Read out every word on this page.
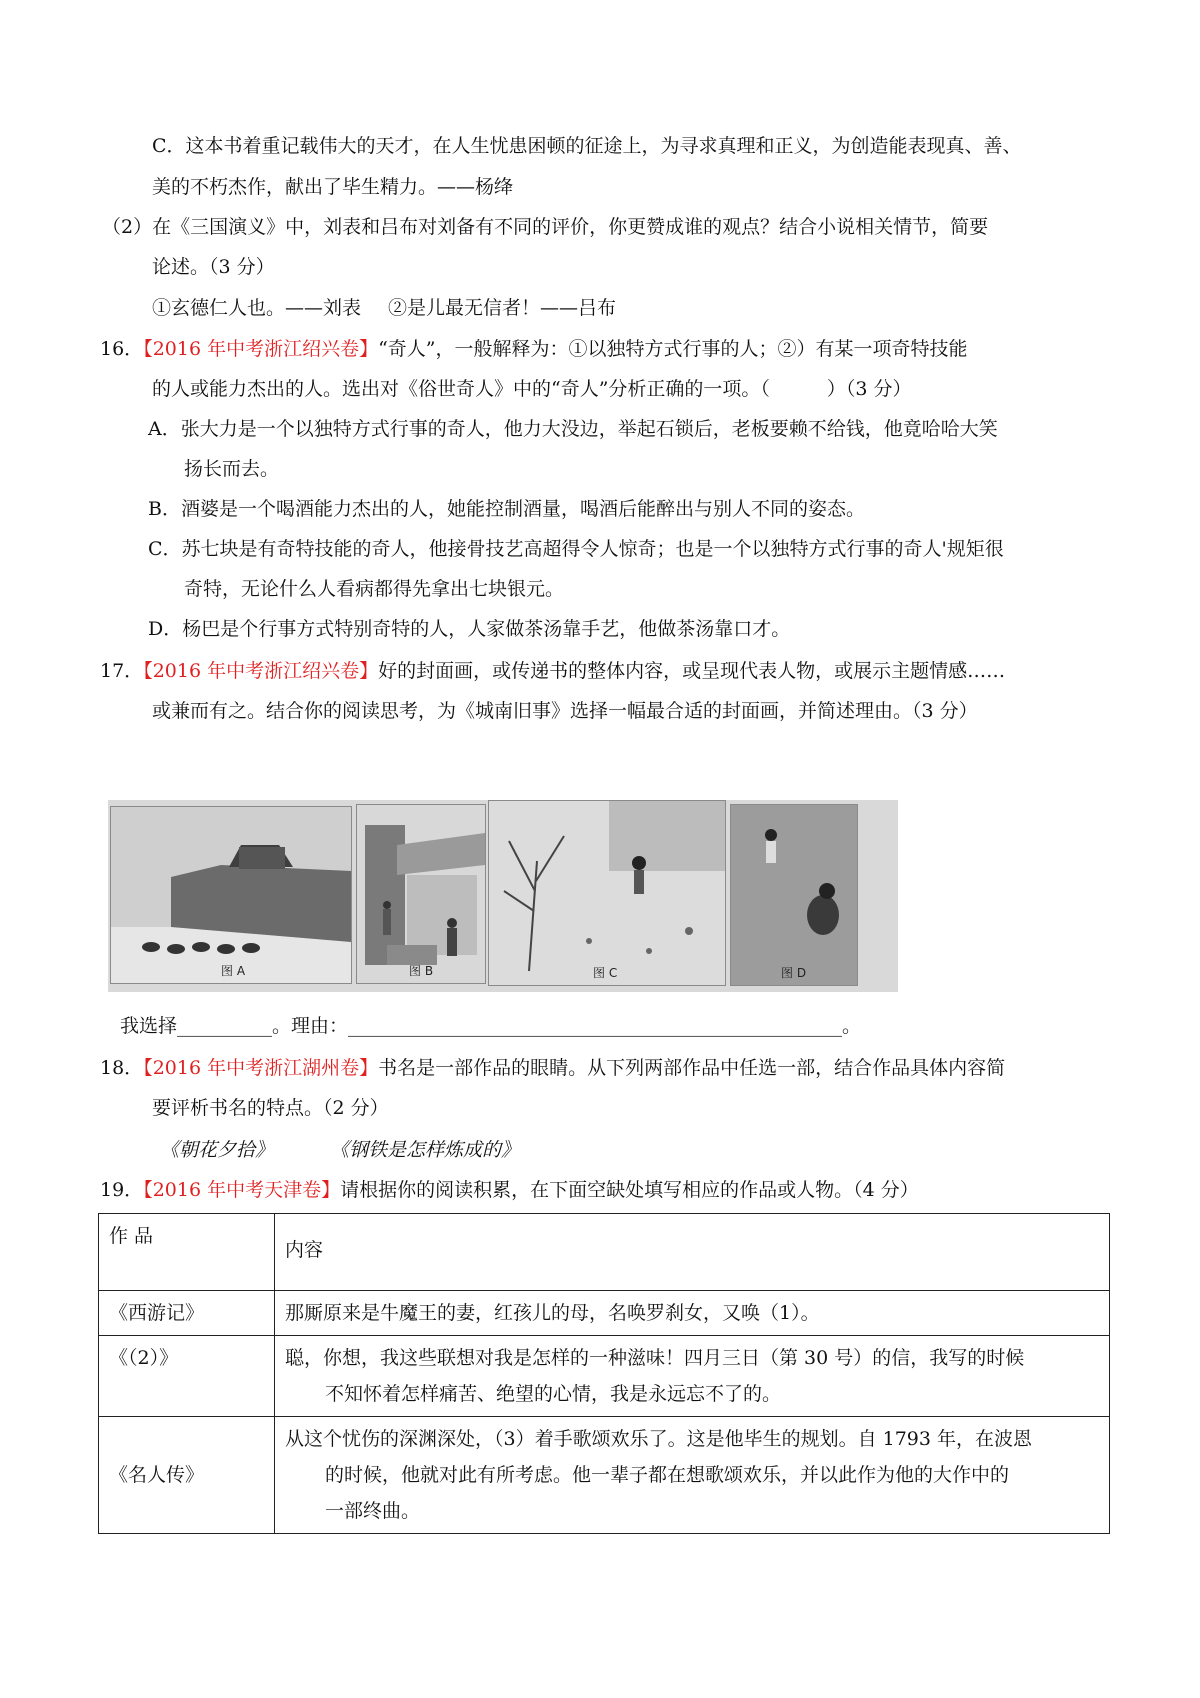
C．这本书着重记载伟大的天才，在人生忧患困顿的征途上，为寻求真理和正义，为创造能表现真、善、
美的不朽杰作，献出了毕生精力。——杨绛
（2）在《三国演义》中，刘表和吕布对刘备有不同的评价，你更赞成谁的观点？结合小说相关情节，简要
论述。（3 分）
①玄德仁人也。——刘表 ②是儿最无信者！——吕布
16．【2016 年中考浙江绍兴卷】“奇人”，一般解释为：①以独特方式行事的人；②）有某一项奇特技能
的人或能力杰出的人。选出对《俗世奇人》中的“奇人”分析正确的一项。（　　　）（3 分）
A．张大力是一个以独特方式行事的奇人，他力大没边，举起石锁后，老板要赖不给钱，他竟哈哈大笑
扬长而去。
B．酒婆是一个喝酒能力杰出的人，她能控制酒量，喝酒后能醉出与别人不同的姿态。
C．苏七块是有奇特技能的奇人，他接骨技艺高超得令人惊奇；也是一个以独特方式行事的奇人'规矩很
奇特，无论什么人看病都得先拿出七块银元。
D．杨巴是个行事方式特别奇特的人，人家做茶汤靠手艺，他做茶汤靠口才。
17．【2016 年中考浙江绍兴卷】好的封面画，或传递书的整体内容，或呈现代表人物，或展示主题情感……
或兼而有之。结合你的阅读思考，为《城南旧事》选择一幅最合适的封面画，并简述理由。（3 分）
图 A	图 B	图 C	图 D
我选择__________。理由：____________________________________________________。
18．【2016 年中考浙江湖州卷】书名是一部作品的眼睛。从下列两部作品中任选一部，结合作品具体内容简
要评析书名的特点。（2 分）
《朝花夕拾》	《钢铁是怎样炼成的》
19．【2016 年中考天津卷】请根据你的阅读积累，在下面空缺处填写相应的作品或人物。（4 分）
作 品	内容
《西游记》	那厮原来是牛魔王的妻，红孩儿的母，名唤罗刹女，又唤（1）。
《（2）》	聪，你想，我这些联想对我是怎样的一种滋味！四月三日（第 30 号）的信，我写的时候
不知怀着怎样痛苦、绝望的心情，我是永远忘不了的。

《名人传》	从这个忧伤的深渊深处，（3）着手歌颂欢乐了。这是他毕生的规划。自 1793 年，在波恩
的时候，他就对此有所考虑。他一辈子都在想歌颂欢乐，并以此作为他的大作中的
一部终曲。
